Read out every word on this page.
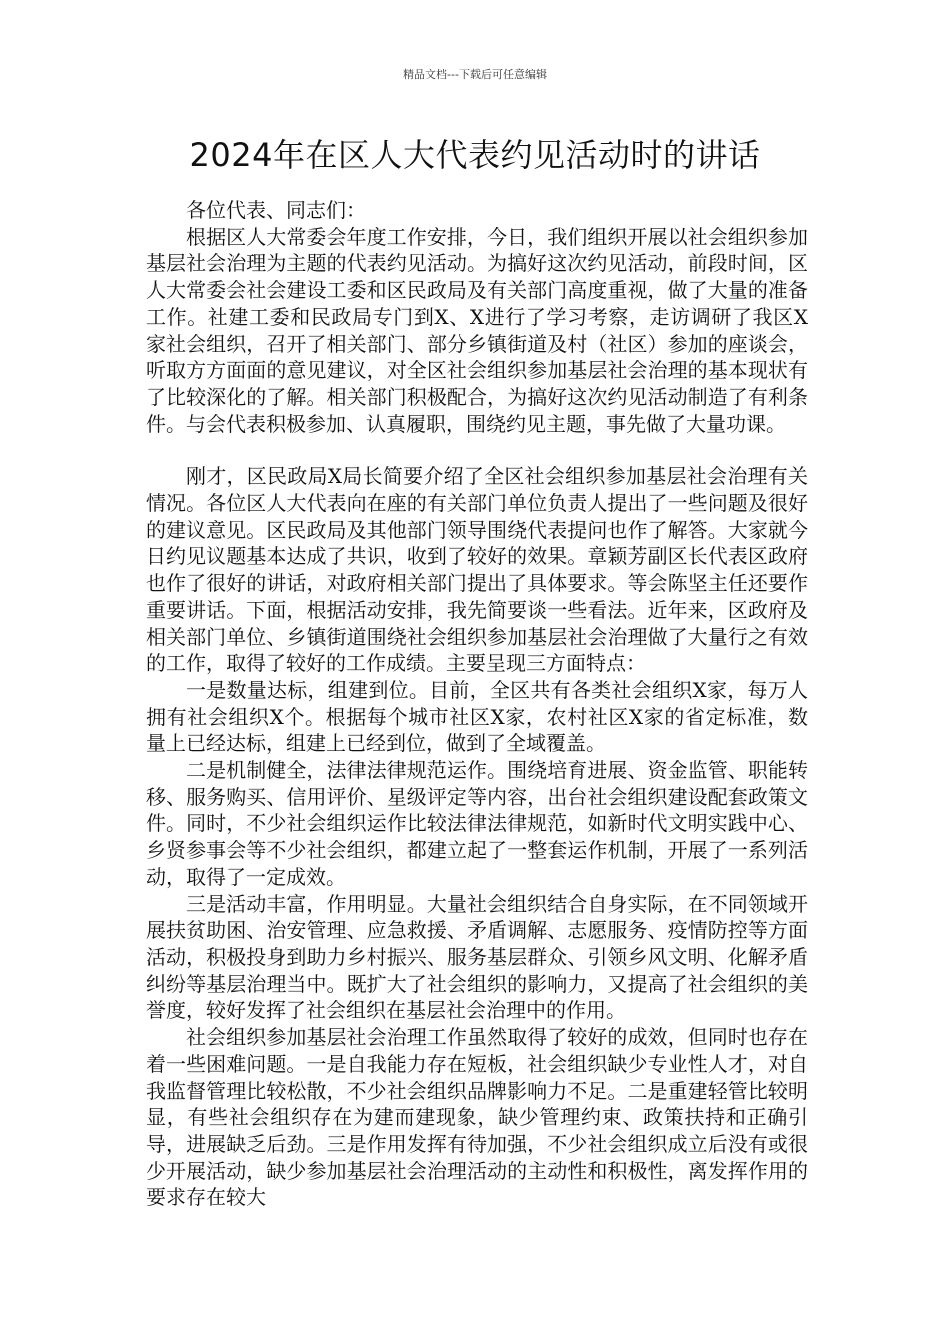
精品文档---下载后可任意编辑
2024年在区人大代表约见活动时的讲话

各位代表、同志们：

根据区人大常委会年度工作安排，今日，我们组织开展以社会组织参加基层社会治理为主题的代表约见活动。为搞好这次约见活动，前段时间，区人大常委会社会建设工委和区民政局及有关部门高度重视，做了大量的准备工作。社建工委和民政局专门到X、X进行了学习考察，走访调研了我区X家社会组织，召开了相关部门、部分乡镇街道及村（社区）参加的座谈会，听取方方面面的意见建议，对全区社会组织参加基层社会治理的基本现状有了比较深化的了解。相关部门积极配合，为搞好这次约见活动制造了有利条件。与会代表积极参加、认真履职，围绕约见主题，事先做了大量功课。

刚才，区民政局X局长简要介绍了全区社会组织参加基层社会治理有关情况。各位区人大代表向在座的有关部门单位负责人提出了一些问题及很好的建议意见。区民政局及其他部门领导围绕代表提问也作了解答。大家就今日约见议题基本达成了共识，收到了较好的效果。章颖芳副区长代表区政府也作了很好的讲话，对政府相关部门提出了具体要求。等会陈坚主任还要作重要讲话。下面，根据活动安排，我先简要谈一些看法。近年来，区政府及相关部门单位、乡镇街道围绕社会组织参加基层社会治理做了大量行之有效的工作，取得了较好的工作成绩。主要呈现三方面特点：

一是数量达标，组建到位。目前，全区共有各类社会组织X家，每万人拥有社会组织X个。根据每个城市社区X家，农村社区X家的省定标准，数量上已经达标，组建上已经到位，做到了全域覆盖。

二是机制健全，法律法律规范运作。围绕培育进展、资金监管、职能转移、服务购买、信用评价、星级评定等内容，出台社会组织建设配套政策文件。同时，不少社会组织运作比较法律法律规范，如新时代文明实践中心、乡贤参事会等不少社会组织，都建立起了一整套运作机制，开展了一系列活动，取得了一定成效。

三是活动丰富，作用明显。大量社会组织结合自身实际，在不同领域开展扶贫助困、治安管理、应急救援、矛盾调解、志愿服务、疫情防控等方面活动，积极投身到助力乡村振兴、服务基层群众、引领乡风文明、化解矛盾纠纷等基层治理当中。既扩大了社会组织的影响力，又提高了社会组织的美誉度，较好发挥了社会组织在基层社会治理中的作用。

社会组织参加基层社会治理工作虽然取得了较好的成效，但同时也存在着一些困难问题。一是自我能力存在短板，社会组织缺少专业性人才，对自我监督管理比较松散，不少社会组织品牌影响力不足。二是重建轻管比较明显，有些社会组织存在为建而建现象，缺少管理约束、政策扶持和正确引导，进展缺乏后劲。三是作用发挥有待加强，不少社会组织成立后没有或很少开展活动，缺少参加基层社会治理活动的主动性和积极性，离发挥作用的要求存在较大
